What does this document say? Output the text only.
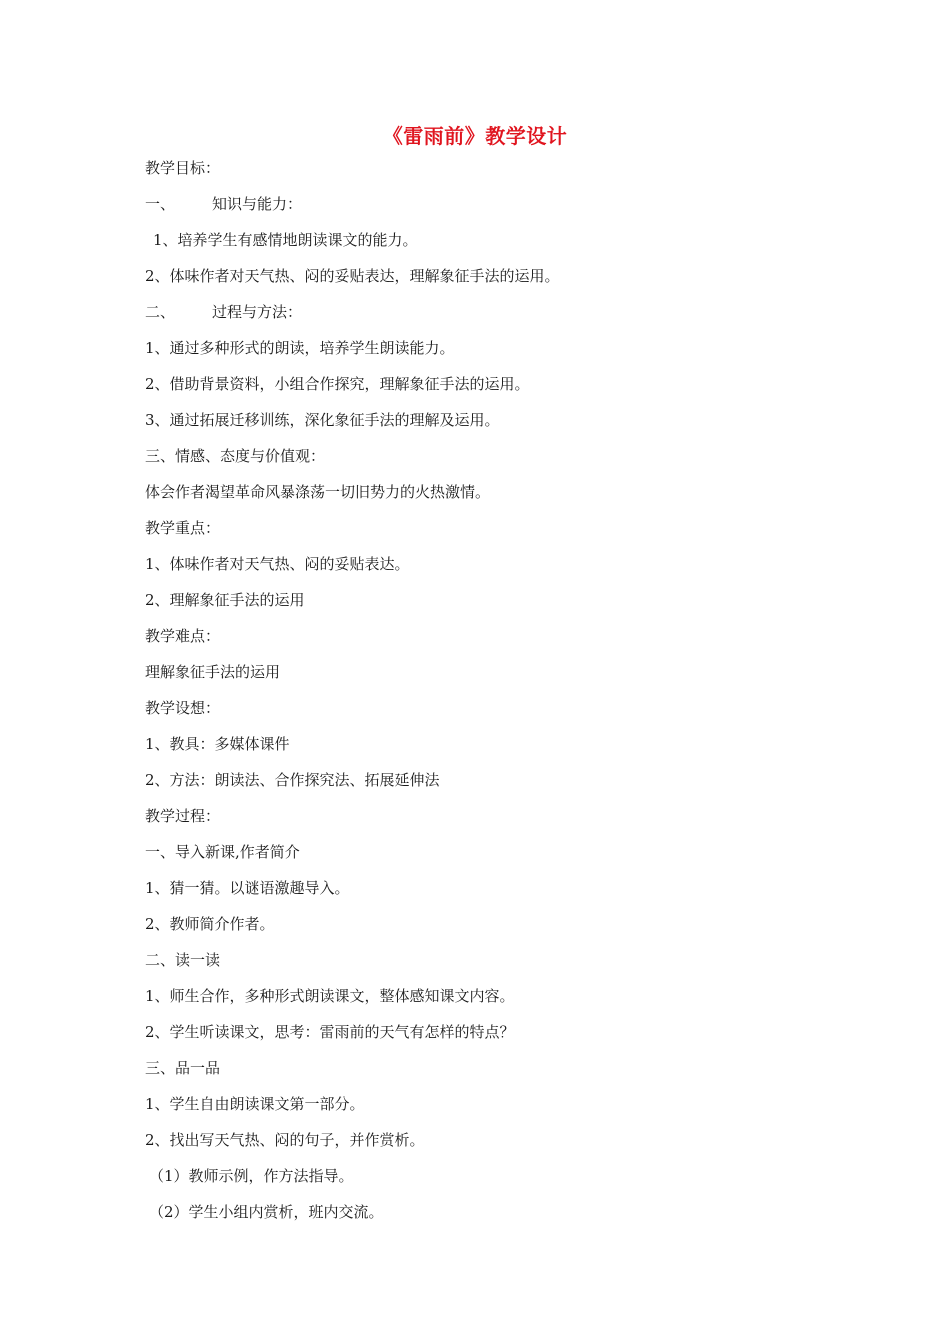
《雷雨前》教学设计
教学目标：
一、 知识与能力：
1、培养学生有感情地朗读课文的能力。
2、体味作者对天气热、闷的妥贴表达，理解象征手法的运用。
二、 过程与方法：
1、通过多种形式的朗读，培养学生朗读能力。
2、借助背景资料，小组合作探究，理解象征手法的运用。
3、通过拓展迁移训练，深化象征手法的理解及运用。
三、情感、态度与价值观：
体会作者渴望革命风暴涤荡一切旧势力的火热激情。
教学重点：
1、体味作者对天气热、闷的妥贴表达。
2、理解象征手法的运用
教学难点：
理解象征手法的运用
教学设想：
1、教具：多媒体课件
2、方法：朗读法、合作探究法、拓展延伸法
教学过程：
一、导入新课,作者简介
1、猜一猜。以谜语激趣导入。
2、教师简介作者。
二、读一读
1、师生合作，多种形式朗读课文，整体感知课文内容。
2、学生听读课文，思考：雷雨前的天气有怎样的特点？
三、品一品
1、学生自由朗读课文第一部分。
2、找出写天气热、闷的句子，并作赏析。
（1）教师示例，作方法指导。
（2）学生小组内赏析，班内交流。
